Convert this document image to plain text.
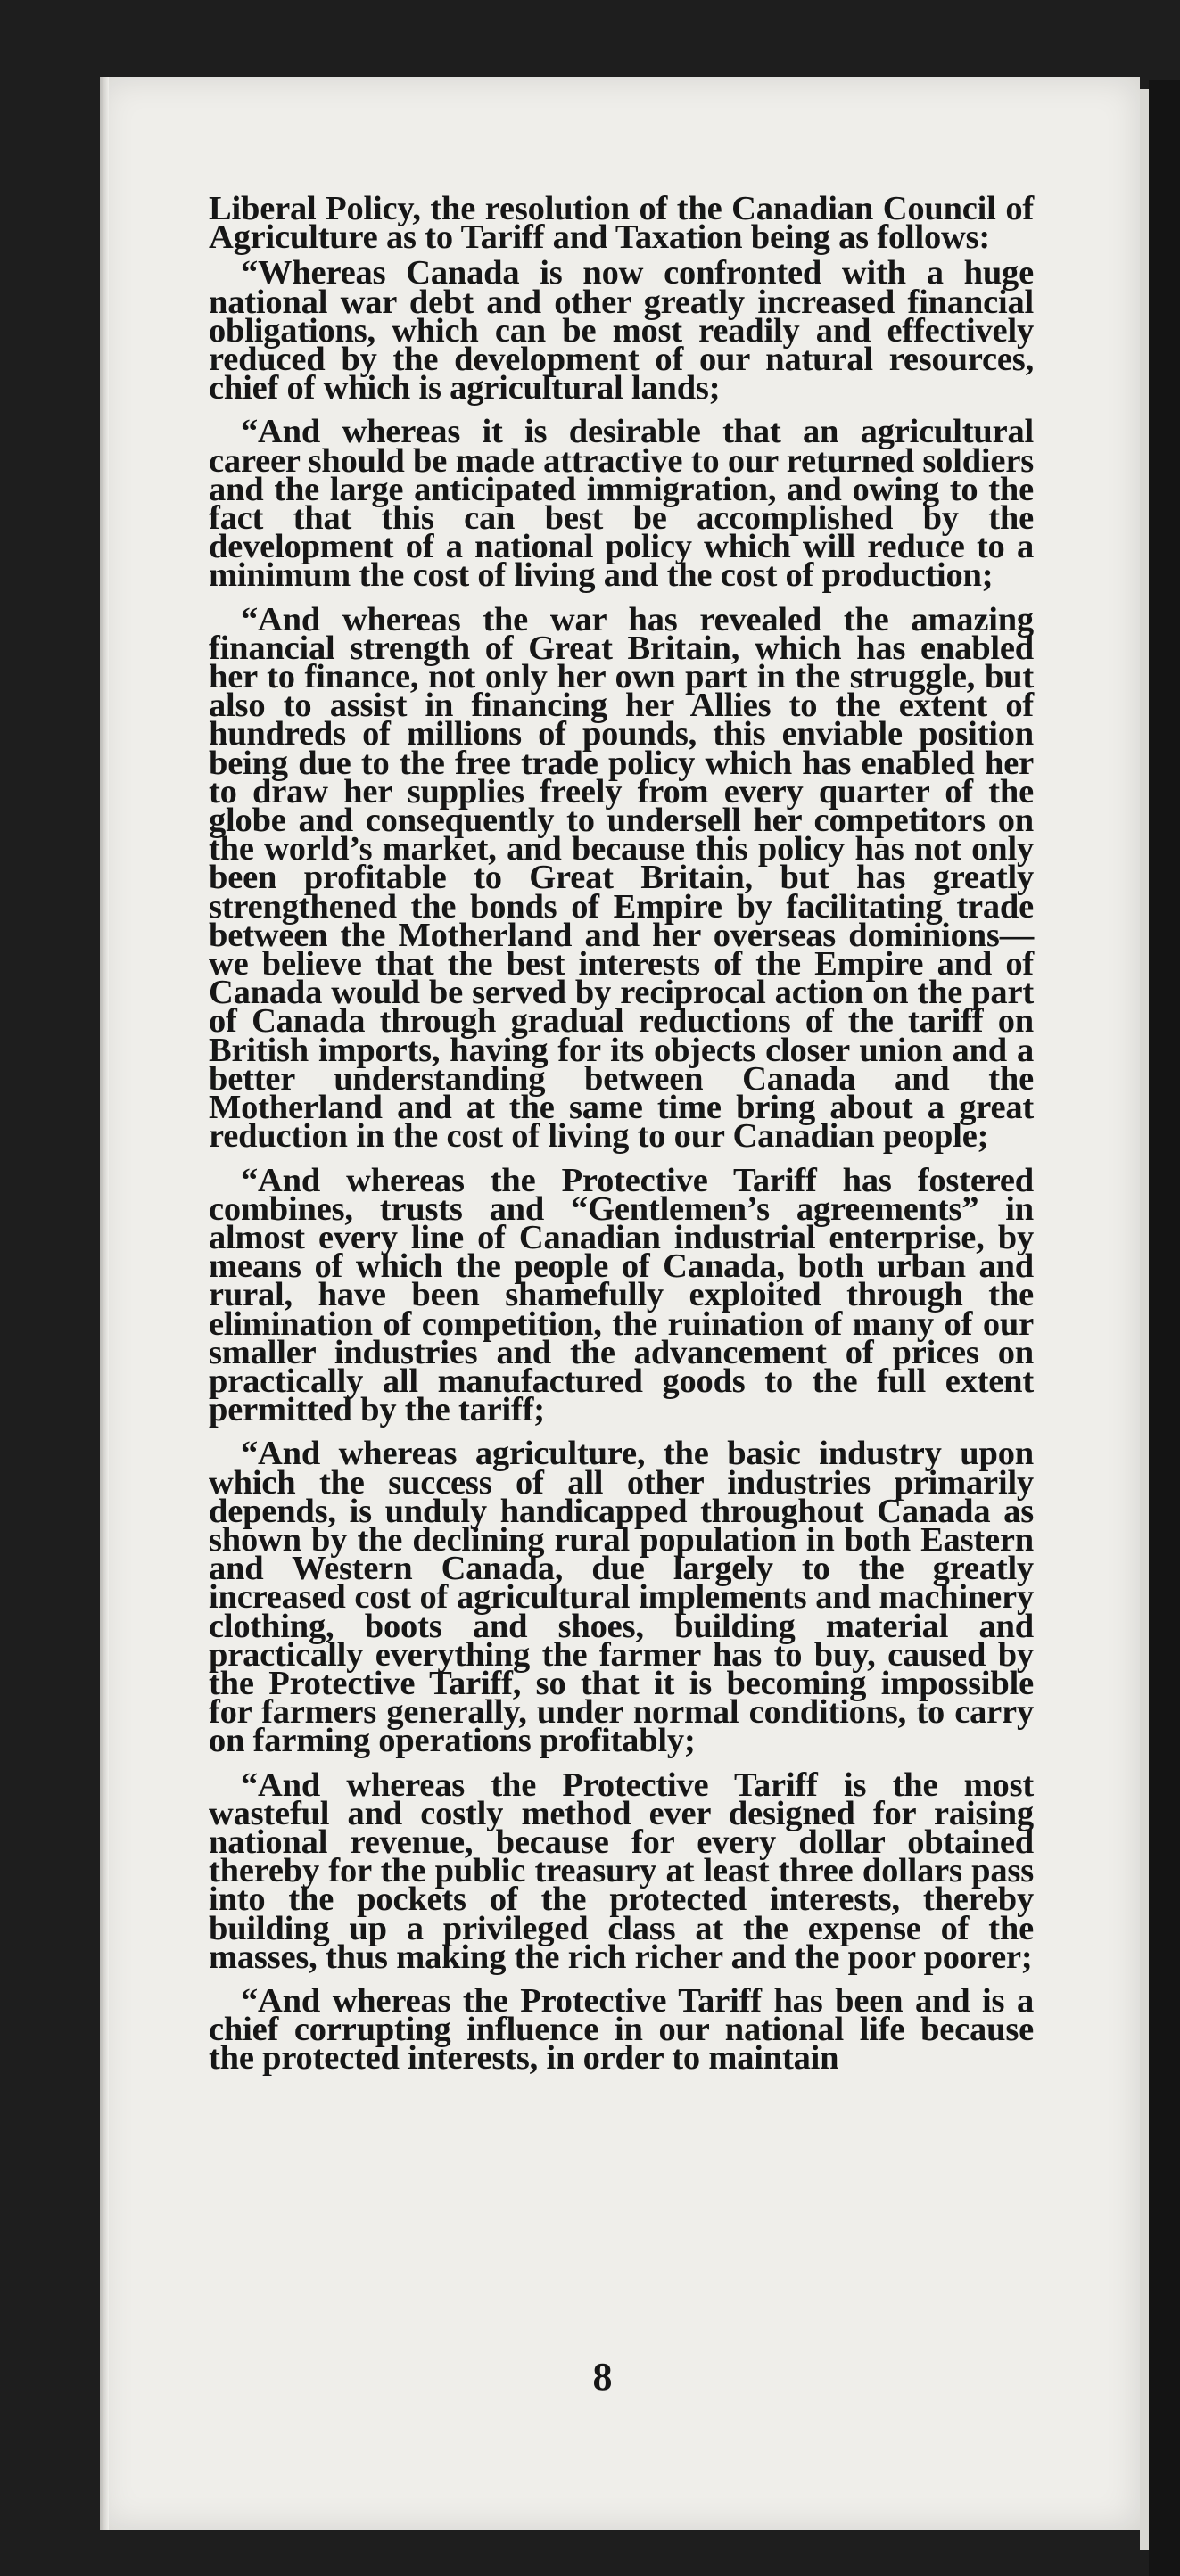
Liberal Policy, the resolution of the Canadian Council of Agriculture as to Tariff and Taxation being as follows:

“Whereas Canada is now confronted with a huge national war debt and other greatly increased financial obligations, which can be most readily and effectively reduced by the development of our natural resources, chief of which is agricultural lands;

“And whereas it is desirable that an agricultural career should be made attractive to our returned soldiers and the large anticipated immigration, and owing to the fact that this can best be accomplished by the development of a national policy which will reduce to a minimum the cost of living and the cost of production;

“And whereas the war has revealed the amazing financial strength of Great Britain, which has enabled her to finance, not only her own part in the struggle, but also to assist in financing her Allies to the extent of hundreds of millions of pounds, this enviable position being due to the free trade policy which has enabled her to draw her supplies freely from every quarter of the globe and consequently to undersell her competitors on the world’s market, and because this policy has not only been profitable to Great Britain, but has greatly strengthened the bonds of Empire by facilitating trade between the Motherland and her overseas dominions—we believe that the best interests of the Empire and of Canada would be served by reciprocal action on the part of Canada through gradual reductions of the tariff on British imports, having for its objects closer union and a better understanding between Canada and the Motherland and at the same time bring about a great reduction in the cost of living to our Canadian people;

“And whereas the Protective Tariff has fostered combines, trusts and “Gentlemen’s agreements” in almost every line of Canadian industrial enterprise, by means of which the people of Canada, both urban and rural, have been shamefully exploited through the elimination of competition, the ruination of many of our smaller industries and the advancement of prices on practically all manufactured goods to the full extent permitted by the tariff;

“And whereas agriculture, the basic industry upon which the success of all other industries primarily depends, is unduly handicapped throughout Canada as shown by the declining rural population in both Eastern and Western Canada, due largely to the greatly increased cost of agricultural implements and machinery clothing, boots and shoes, building material and practically everything the farmer has to buy, caused by the Protective Tariff, so that it is becoming impossible for farmers generally, under normal conditions, to carry on farming operations profitably;

“And whereas the Protective Tariff is the most wasteful and costly method ever designed for raising national revenue, because for every dollar obtained thereby for the public treasury at least three dollars pass into the pockets of the protected interests, thereby building up a privileged class at the expense of the masses, thus making the rich richer and the poor poorer;

“And whereas the Protective Tariff has been and is a chief corrupting influence in our national life because the protected interests, in order to maintain

8
